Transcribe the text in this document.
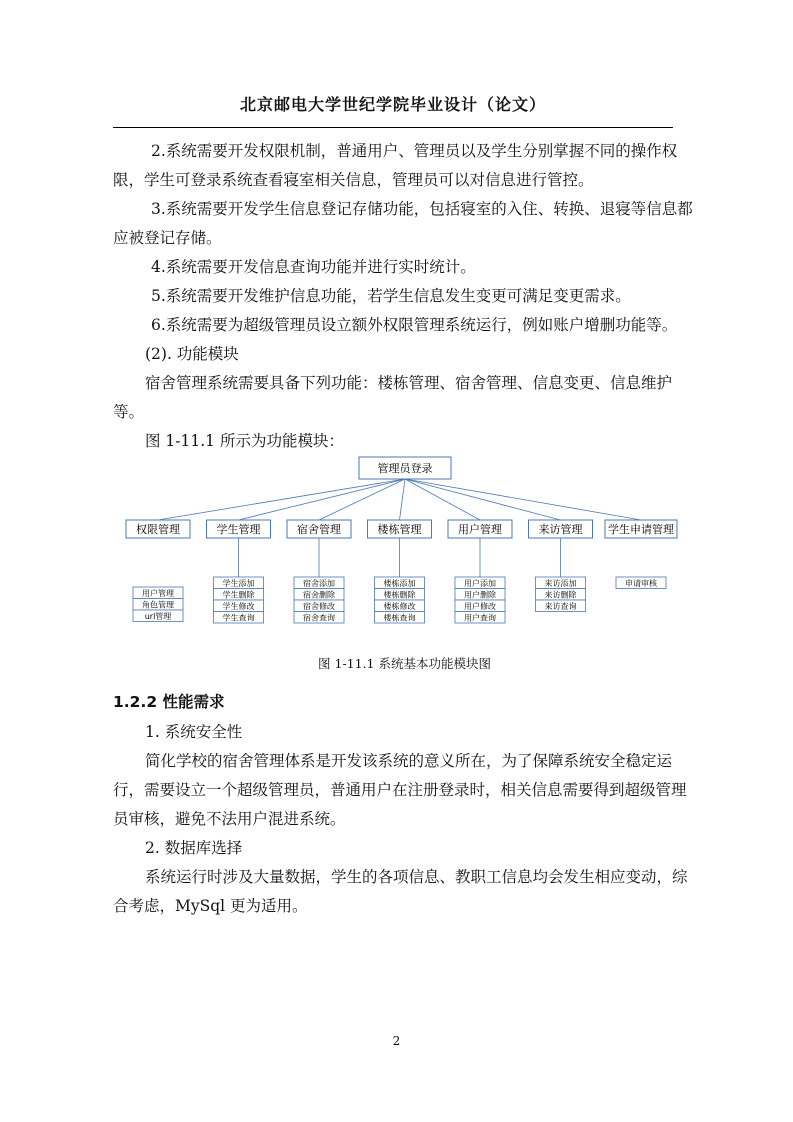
北京邮电大学世纪学院毕业设计（论文）

2.系统需要开发权限机制，普通用户、管理员以及学生分别掌握不同的操作权限，学生可登录系统查看寝室相关信息，管理员可以对信息进行管控。

3.系统需要开发学生信息登记存储功能，包括寝室的入住、转换、退寝等信息都应被登记存储。

4.系统需要开发信息查询功能并进行实时统计。

5.系统需要开发维护信息功能，若学生信息发生变更可满足变更需求。

6.系统需要为超级管理员设立额外权限管理系统运行，例如账户增删功能等。

(2). 功能模块

宿舍管理系统需要具备下列功能：楼栋管理、宿舍管理、信息变更、信息维护等。

图 1-11.1 所示为功能模块：

管理员登录
权限管理
用户管理
角色管理
url管理
学生管理
学生添加
学生删除
学生修改
学生查询
宿舍管理
宿舍添加
宿舍删除
宿舍修改
宿舍查询
楼栋管理
楼栋添加
楼栋删除
楼栋修改
楼栋查询
用户管理
用户添加
用户删除
用户修改
用户查询
来访管理
来访添加
来访删除
来访查询
学生申请管理
申请审核
图 1-11.1 系统基本功能模块图
1.2.2 性能需求

1. 系统安全性

简化学校的宿舍管理体系是开发该系统的意义所在，为了保障系统安全稳定运行，需要设立一个超级管理员，普通用户在注册登录时，相关信息需要得到超级管理员审核，避免不法用户混进系统。

2. 数据库选择

系统运行时涉及大量数据，学生的各项信息、教职工信息均会发生相应变动，综合考虑，MySql 更为适用。

2
